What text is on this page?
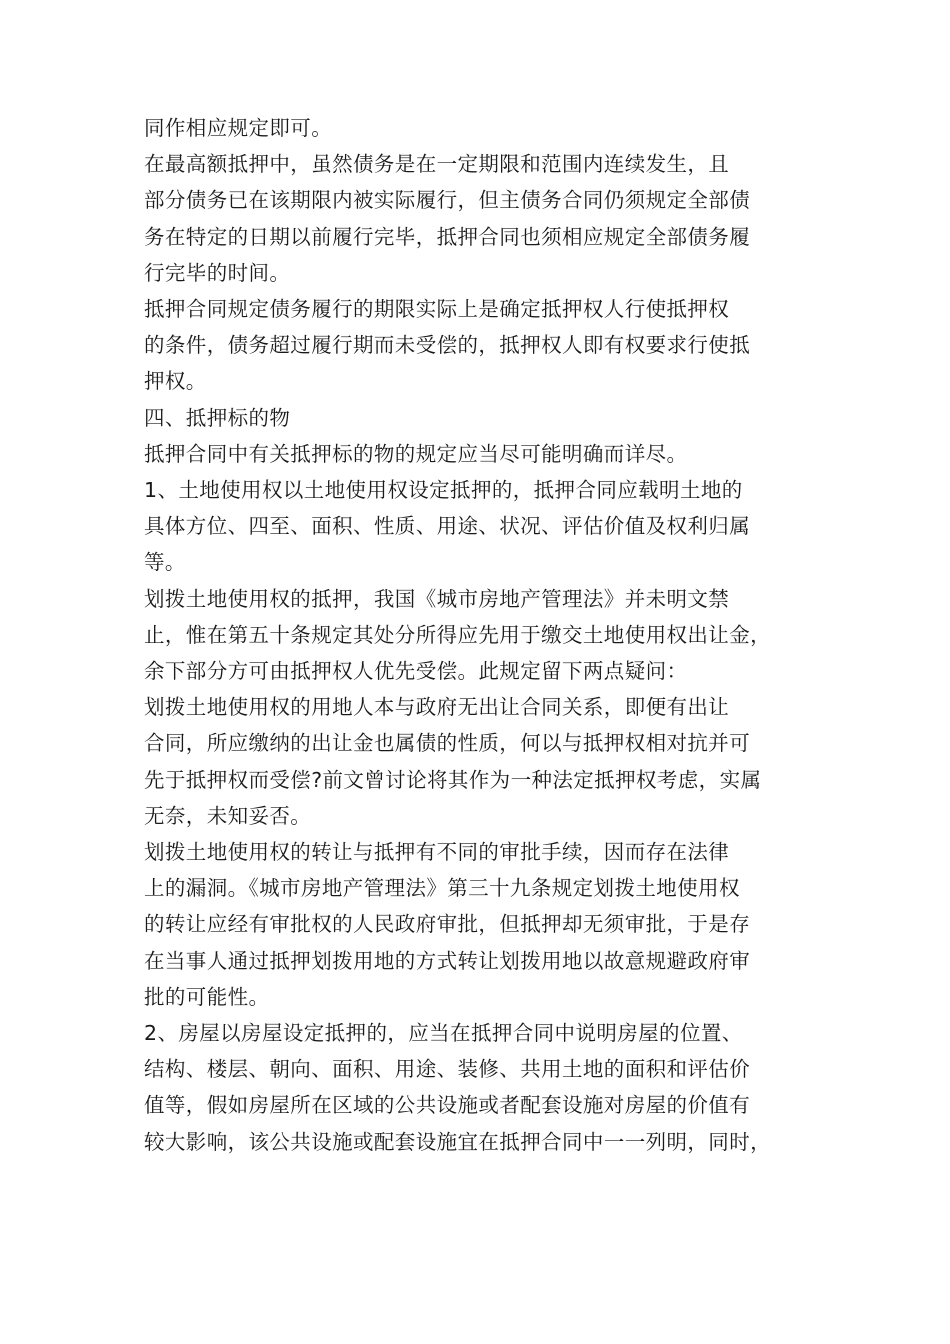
同作相应规定即可。
在最高额抵押中，虽然债务是在一定期限和范围内连续发生，且
部分债务已在该期限内被实际履行，但主债务合同仍须规定全部债
务在特定的日期以前履行完毕，抵押合同也须相应规定全部债务履
行完毕的时间。
抵押合同规定债务履行的期限实际上是确定抵押权人行使抵押权
的条件，债务超过履行期而未受偿的，抵押权人即有权要求行使抵
押权。
四、抵押标的物
抵押合同中有关抵押标的物的规定应当尽可能明确而详尽。
1、土地使用权以土地使用权设定抵押的，抵押合同应载明土地的
具体方位、四至、面积、性质、用途、状况、评估价值及权利归属
等。
划拨土地使用权的抵押，我国《城市房地产管理法》并未明文禁
止，惟在第五十条规定其处分所得应先用于缴交土地使用权出让金，
余下部分方可由抵押权人优先受偿。此规定留下两点疑问：
划拨土地使用权的用地人本与政府无出让合同关系，即便有出让
合同，所应缴纳的出让金也属债的性质，何以与抵押权相对抗并可
先于抵押权而受偿?前文曾讨论将其作为一种法定抵押权考虑，实属
无奈，未知妥否。
划拨土地使用权的转让与抵押有不同的审批手续，因而存在法律
上的漏洞。《城市房地产管理法》第三十九条规定划拨土地使用权
的转让应经有审批权的人民政府审批，但抵押却无须审批，于是存
在当事人通过抵押划拨用地的方式转让划拨用地以故意规避政府审
批的可能性。
2、房屋以房屋设定抵押的，应当在抵押合同中说明房屋的位置、
结构、楼层、朝向、面积、用途、装修、共用土地的面积和评估价
值等，假如房屋所在区域的公共设施或者配套设施对房屋的价值有
较大影响，该公共设施或配套设施宜在抵押合同中一一列明，同时，
